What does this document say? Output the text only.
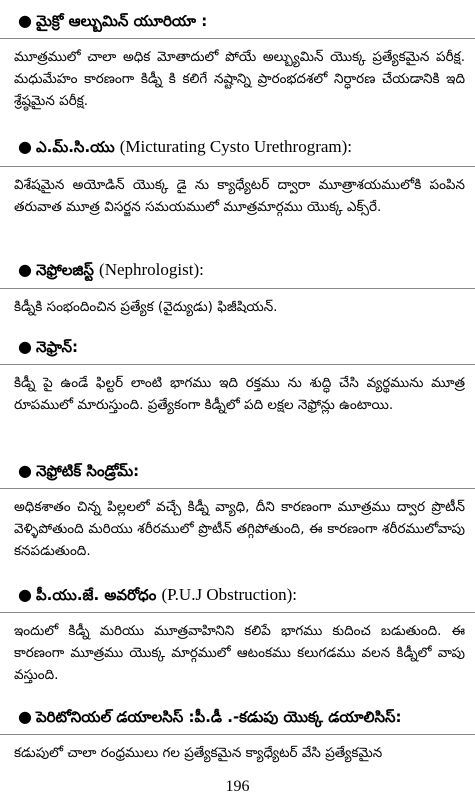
● మైక్రో ఆల్బుమిన్ యూరియా :
మూత్రములో చాలా అధిక మోతాదులో పోయే అల్బ్యుమిన్ యొక్క ప్రత్యేకమైన పరీక్ష. మధుమేహం కారణంగా కిడ్నీ కి కలిగే నష్టాన్ని ప్రారంభదశలో నిర్ధారణ చేయడానికి ఇది శ్రేష్ఠమైన పరీక్ష.
● ఎ.మ్.సి.యు (Micturating Cysto Urethrogram):
విశేషమైన అయోడిన్ యొక్క డై ను క్యాధ్యేటర్ ద్వారా మూత్రాశయములోకి పంపిన తరువాత మూత్ర విసర్జన సమయములో మూత్రమార్గము యొక్క ఎక్స్‌రే.
● నెఫ్రోలజిస్ట్ (Nephrologist):
కిడ్నీకి సంభందించిన ప్రత్యేక (వైద్యుడు) ఫిజీషియన్.
● నెఫ్రాన్:
కిడ్నీ పై ఉండే ఫిల్టర్ లాంటి భాగము ఇది రక్తము ను శుద్ధి చేసి వ్యర్థమును మూత్ర రూపములో మారుస్తుంది. ప్రత్యేకంగా కిడ్నీలో పది లక్షల నెఫ్రోన్లు ఉంటాయి.
● నెఫ్రోటిక్ సిండ్రోమ్:
అధికశాతం చిన్న పిల్లలలో వచ్చే కిడ్నీ వ్యాధి, దీని కారణంగా మూత్రము ద్వార ప్రొటీన్ వెళ్ళిపోతుంది మరియు శరీరములో ప్రొటీన్ తగ్గిపోతుంది, ఈ కారణంగా శరీరములోవాపు కనపడుతుంది.
● పీ.యు.జే. అవరోధం (P.U.J Obstruction):
ఇందులో కిడ్నీ మరియు మూత్రవాహినిని కలిపే భాగము కుదించ బడుతుంది. ఈ కారణంగా మూత్రము యొక్క మార్గములో ఆటంకము కలుగడము వలన కిడ్నీలో వాపు వస్తుంది.
● పెరిటోనియల్ డయాలసిస్ :పీ.డీ .-కడుపు యొక్క డయాలిసిస్:
కడుపులో చాలా రంధ్రములు గల ప్రత్యేకమైన క్యాధ్యేటర్ వేసి ప్రత్యేకమైన
196
